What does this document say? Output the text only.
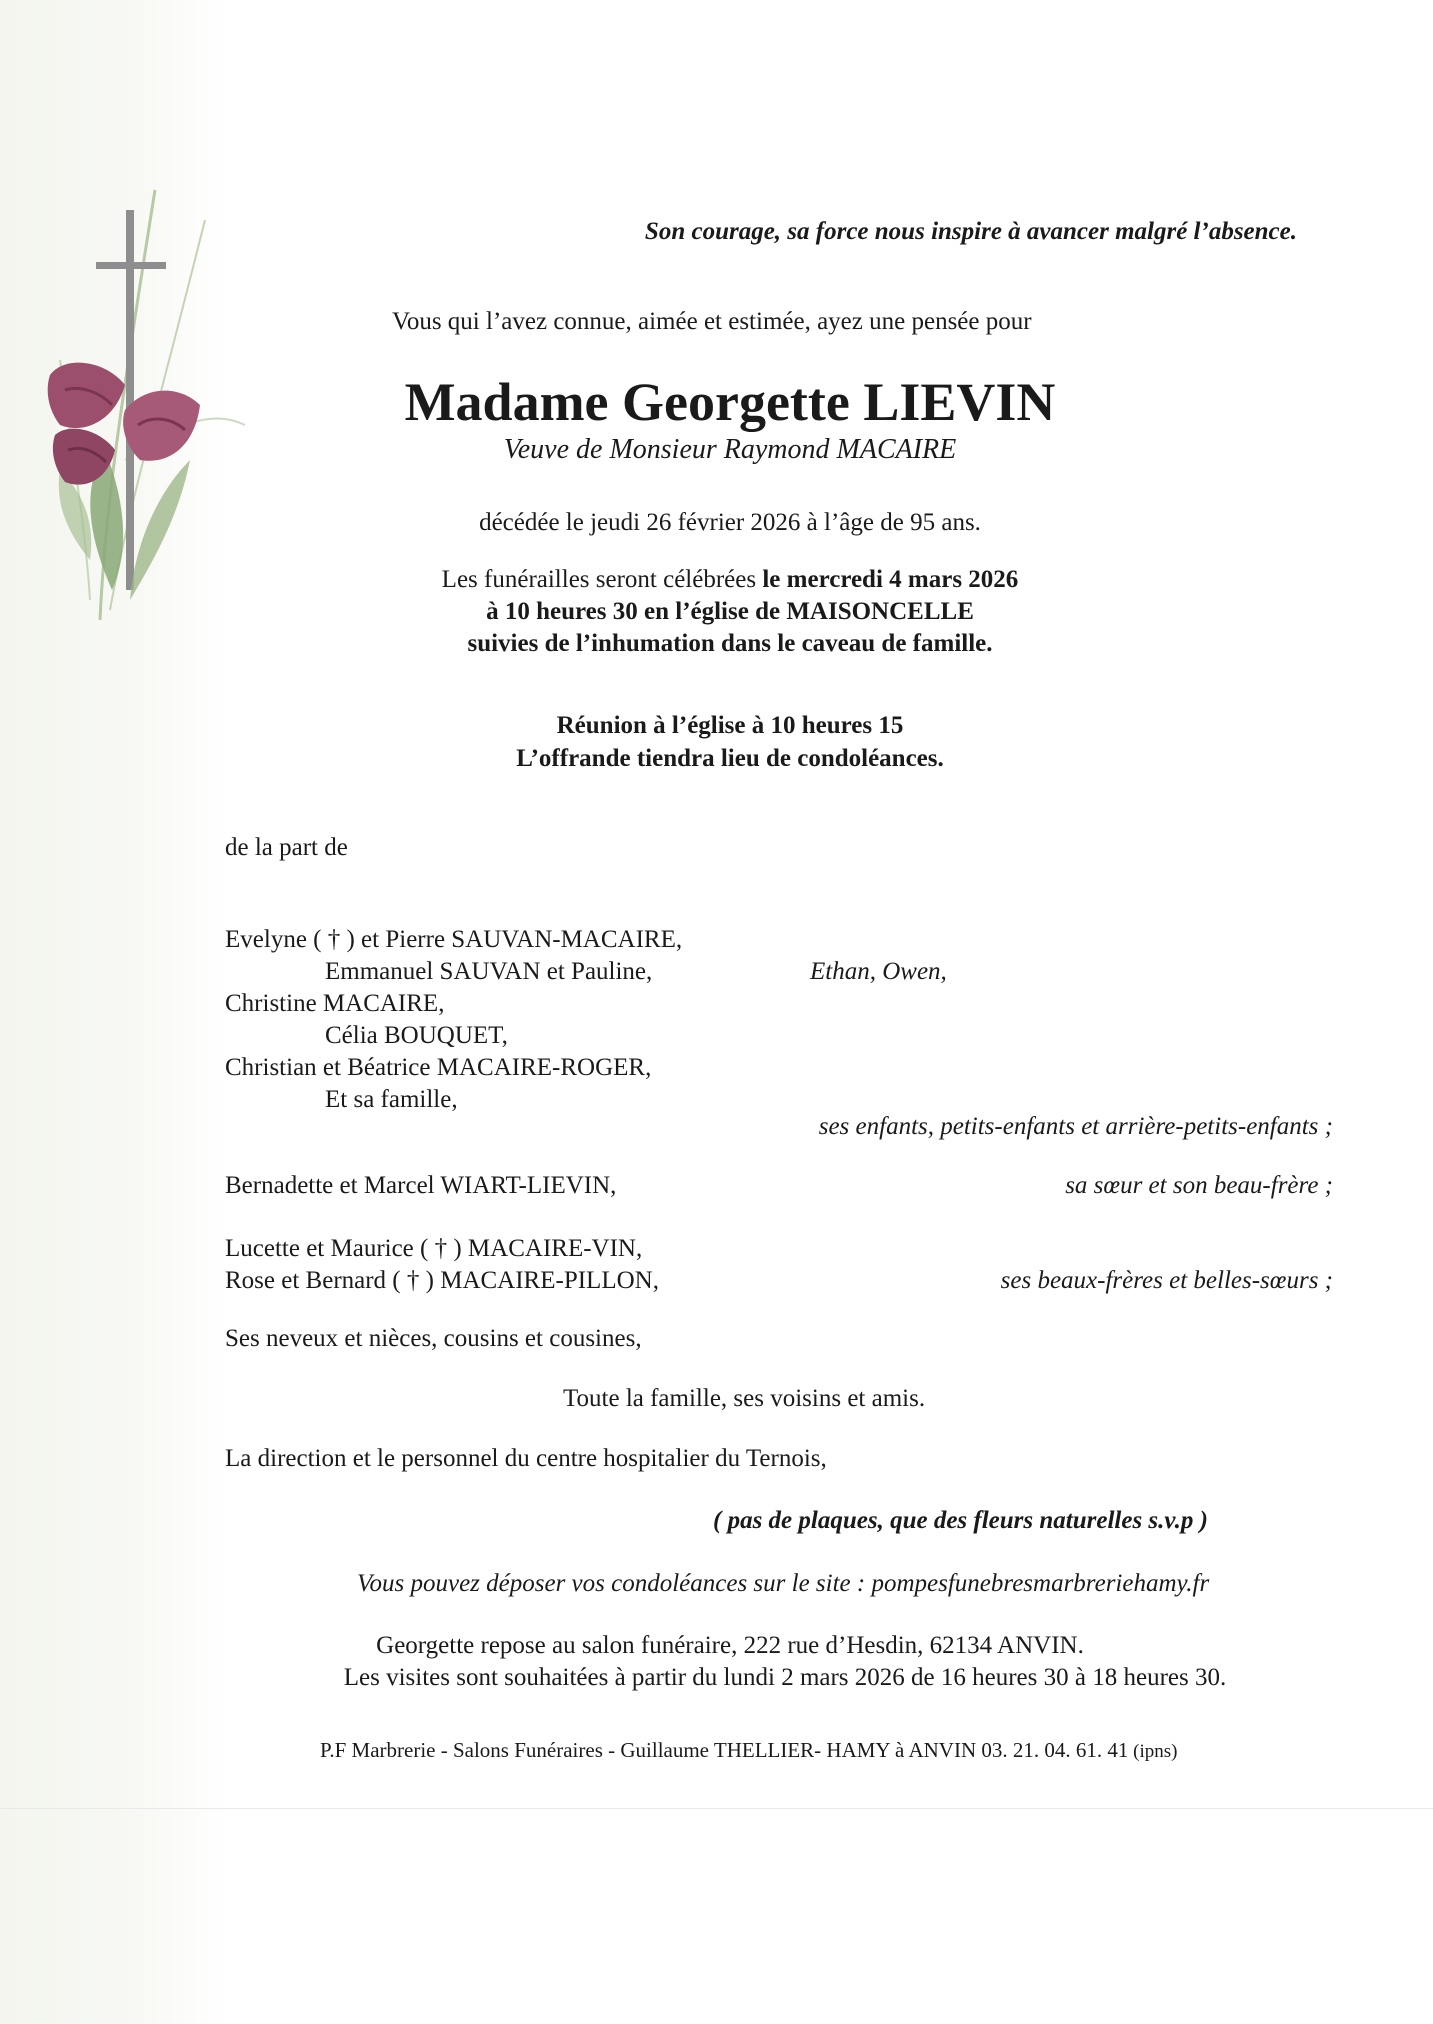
Son courage, sa force nous inspire à avancer malgré l’absence.
Vous qui l’avez connue, aimée et estimée, ayez une pensée pour
Madame Georgette LIEVIN
Veuve de Monsieur Raymond MACAIRE
décédée le jeudi 26 février 2026 à l’âge de 95 ans.
Les funérailles seront célébrées le mercredi 4 mars 2026
à 10 heures 30 en l’église de MAISONCELLE
suivies de l’inhumation dans le caveau de famille.
Réunion à l’église à 10 heures 15
L’offrande tiendra lieu de condoléances.
de la part de
Evelyne ( † ) et Pierre SAUVAN-MACAIRE,
Emmanuel SAUVAN et Pauline,	Ethan, Owen,
Christine MACAIRE,
Célia BOUQUET,
Christian et Béatrice MACAIRE-ROGER,
Et sa famille,
ses enfants, petits-enfants et arrière-petits-enfants ;
Bernadette et Marcel WIART-LIEVIN,	sa sœur et son beau-frère ;
Lucette et Maurice ( † ) MACAIRE-VIN,
Rose et Bernard ( † ) MACAIRE-PILLON,	ses beaux-frères et belles-sœurs ;
Ses neveux et nièces, cousins et cousines,
Toute la famille, ses voisins et amis.
La direction et le personnel du centre hospitalier du Ternois,
( pas de plaques, que des fleurs naturelles s.v.p )
Vous pouvez déposer vos condoléances sur le site : pompesfunebresmarbreriehamy.fr
Georgette repose au salon funéraire, 222 rue d’Hesdin, 62134 ANVIN.
Les visites sont souhaitées à partir du lundi 2 mars 2026 de 16 heures 30 à 18 heures 30.
P.F Marbrerie - Salons Funéraires - Guillaume THELLIER- HAMY à ANVIN 03. 21. 04. 61. 41 (ipns)
